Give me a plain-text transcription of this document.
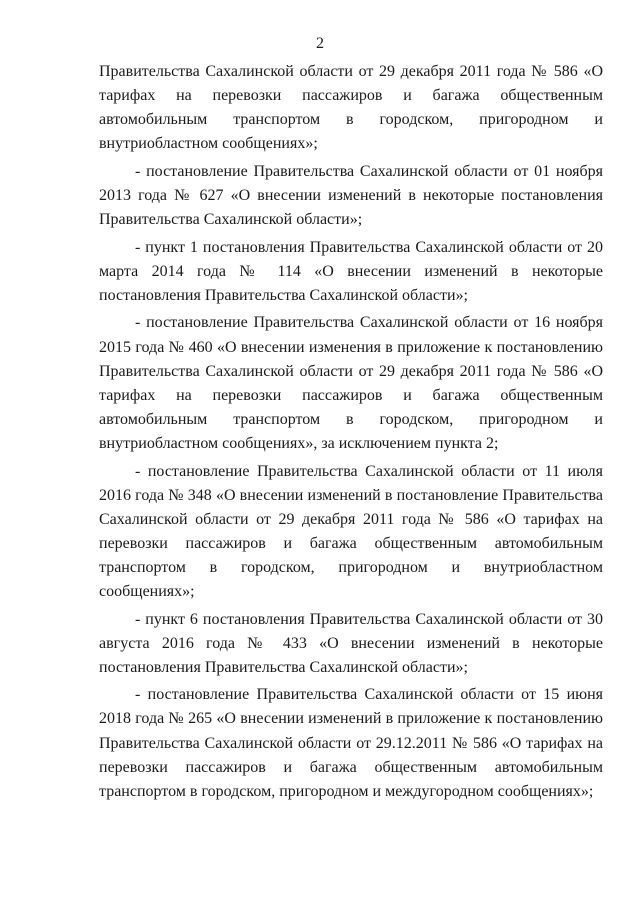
2

Правительства Сахалинской области от 29 декабря 2011 года № 586 «О тарифах на перевозки пассажиров и багажа общественным автомобильным транспортом в городском, пригородном и внутриобластном сообщениях»;

- постановление Правительства Сахалинской области от 01 ноября 2013 года № 627 «О внесении изменений в некоторые постановления Правительства Сахалинской области»;

- пункт 1 постановления Правительства Сахалинской области от 20 марта 2014 года № 114 «О внесении изменений в некоторые постановления Правительства Сахалинской области»;

- постановление Правительства Сахалинской области от 16 ноября 2015 года № 460 «О внесении изменения в приложение к постановлению Правительства Сахалинской области от 29 декабря 2011 года № 586 «О тарифах на перевозки пассажиров и багажа общественным автомобильным транспортом в городском, пригородном и внутриобластном сообщениях», за исключением пункта 2;

- постановление Правительства Сахалинской области от 11 июля 2016 года № 348 «О внесении изменений в постановление Правительства Сахалинской области от 29 декабря 2011 года № 586 «О тарифах на перевозки пассажиров и багажа общественным автомобильным транспортом в городском, пригородном и внутриобластном сообщениях»;

- пункт 6 постановления Правительства Сахалинской области от 30 августа 2016 года № 433 «О внесении изменений в некоторые постановления Правительства Сахалинской области»;

- постановление Правительства Сахалинской области от 15 июня 2018 года № 265 «О внесении изменений в приложение к постановлению Правительства Сахалинской области от 29.12.2011 № 586 «О тарифах на перевозки пассажиров и багажа общественным автомобильным транспортом в городском, пригородном и междугородном сообщениях»;
